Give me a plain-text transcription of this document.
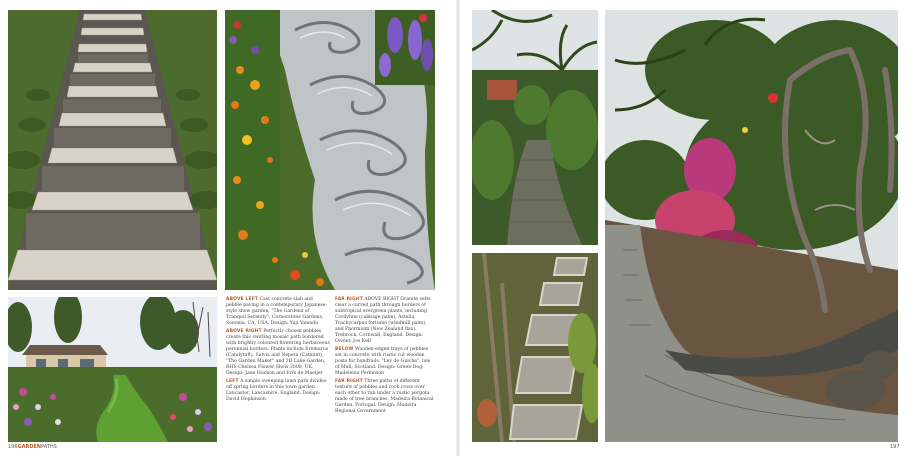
ABOVE LEFT Cast concrete slab and pebble paving in a contemporary Japanese-style show garden, "The Gardens of Tranquil Serenity", Cornerstone Gardens, Sonoma, CA, USA. Design: Yuji Yamada

ABOVE RIGHT Perfectly chosen pebbles create this swirling mosaic path bordered with brightly coloured flowering herbaceous perennial borders. Plants include Eremurus (Candytuft), Salvia and Nepeta (Catmint), "The Garden Maker" and 2D Lake Garden, RHS Chelsea Flower Show 2008, UK. Design: Jane Hudson and Erik de Maeijer

LEFT A simple sweeping lawn path divides off spring borders in this town garden. Lancaster, Lancashire, England. Design: David Hopkinson

196GARDENPATHS

FAR RIGHT ABOVE RIGHT Granite setts clear a curved path through borders of subtropical evergreen plants, including Cordyline (cabbage palm), Astelia, Trachycarpus fortunei (windmill palm), and Phormium (New Zealand flax). Trebrock, Cornwall, England. Design: Owner, Joe Kelf

BELOW Wooden-edged trays of pebbles set in concrete with rustic cut wooden posts for handrails. "Ley de Guiche", Isle of Mull, Scotland. Design: Green Dog: Madeleine Perkinson

FAR RIGHT Three paths of different texture of pebbles and rock cross over each other to run under a rustic pergola made of tree branches. Madeira Botanical Garden, Portugal. Design: Madeira Regional Government

197
